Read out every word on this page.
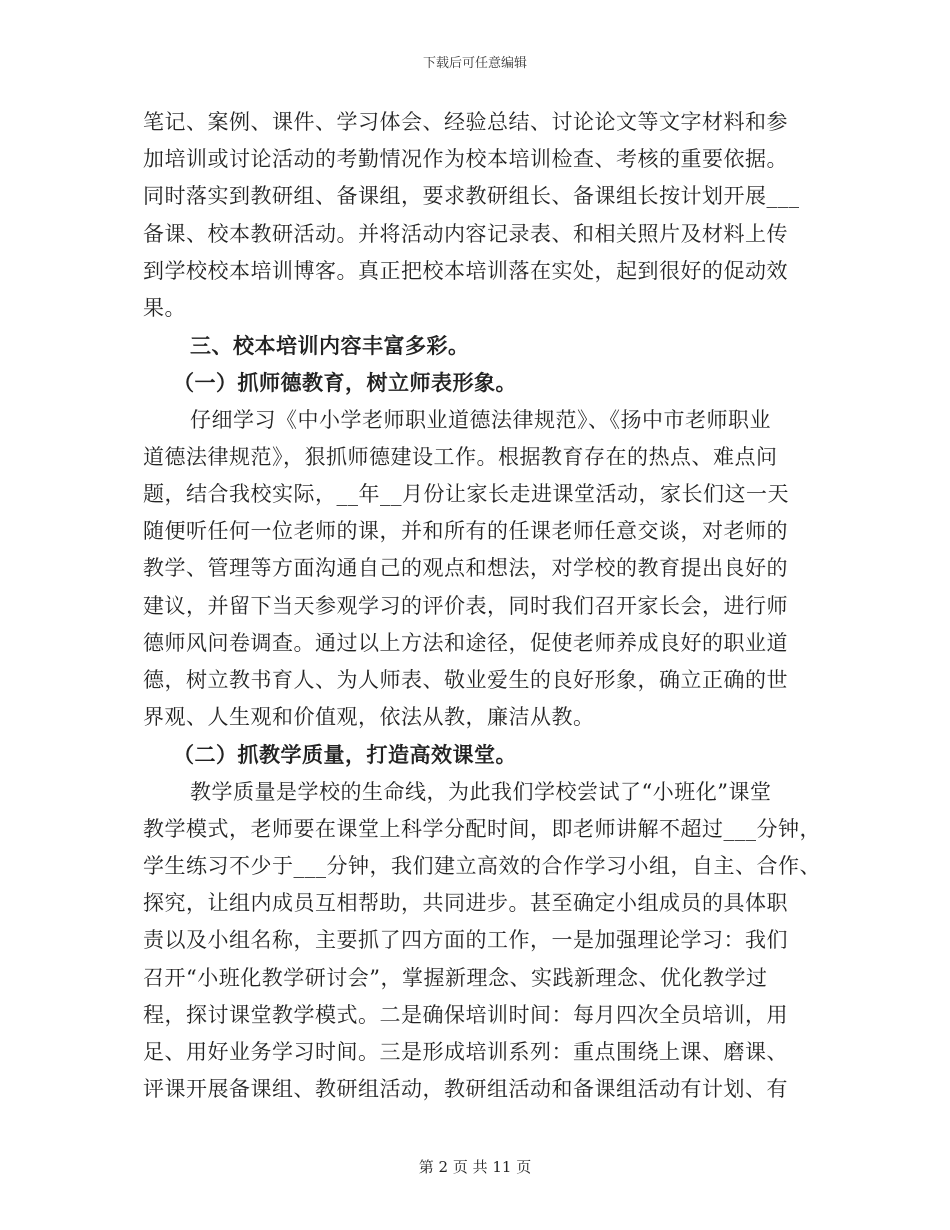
下载后可任意编辑
笔记、案例、课件、学习体会、经验总结、讨论论文等文字材料和参
加培训或讨论活动的考勤情况作为校本培训检查、考核的重要依据。
同时落实到教研组、备课组，要求教研组长、备课组长按计划开展___
备课、校本教研活动。并将活动内容记录表、和相关照片及材料上传
到学校校本培训博客。真正把校本培训落在实处，起到很好的促动效
果。
三、校本培训内容丰富多彩。
（一）抓师德教育，树立师表形象。
仔细学习《中小学老师职业道德法律规范》、《扬中市老师职业
道德法律规范》，狠抓师德建设工作。根据教育存在的热点、难点问
题，结合我校实际，__年__月份让家长走进课堂活动，家长们这一天
随便听任何一位老师的课，并和所有的任课老师任意交谈，对老师的
教学、管理等方面沟通自己的观点和想法，对学校的教育提出良好的
建议，并留下当天参观学习的评价表，同时我们召开家长会，进行师
德师风问卷调查。通过以上方法和途径，促使老师养成良好的职业道
德，树立教书育人、为人师表、敬业爱生的良好形象，确立正确的世
界观、人生观和价值观，依法从教，廉洁从教。
（二）抓教学质量，打造高效课堂。
教学质量是学校的生命线，为此我们学校尝试了“小班化”课堂
教学模式，老师要在课堂上科学分配时间，即老师讲解不超过___分钟，
学生练习不少于___分钟，我们建立高效的合作学习小组，自主、合作、
探究，让组内成员互相帮助，共同进步。甚至确定小组成员的具体职
责以及小组名称，主要抓了四方面的工作，一是加强理论学习：我们
召开“小班化教学研讨会”，掌握新理念、实践新理念、优化教学过
程，探讨课堂教学模式。二是确保培训时间：每月四次全员培训，用
足、用好业务学习时间。三是形成培训系列：重点围绕上课、磨课、
评课开展备课组、教研组活动，教研组活动和备课组活动有计划、有
第 2 页 共 11 页
